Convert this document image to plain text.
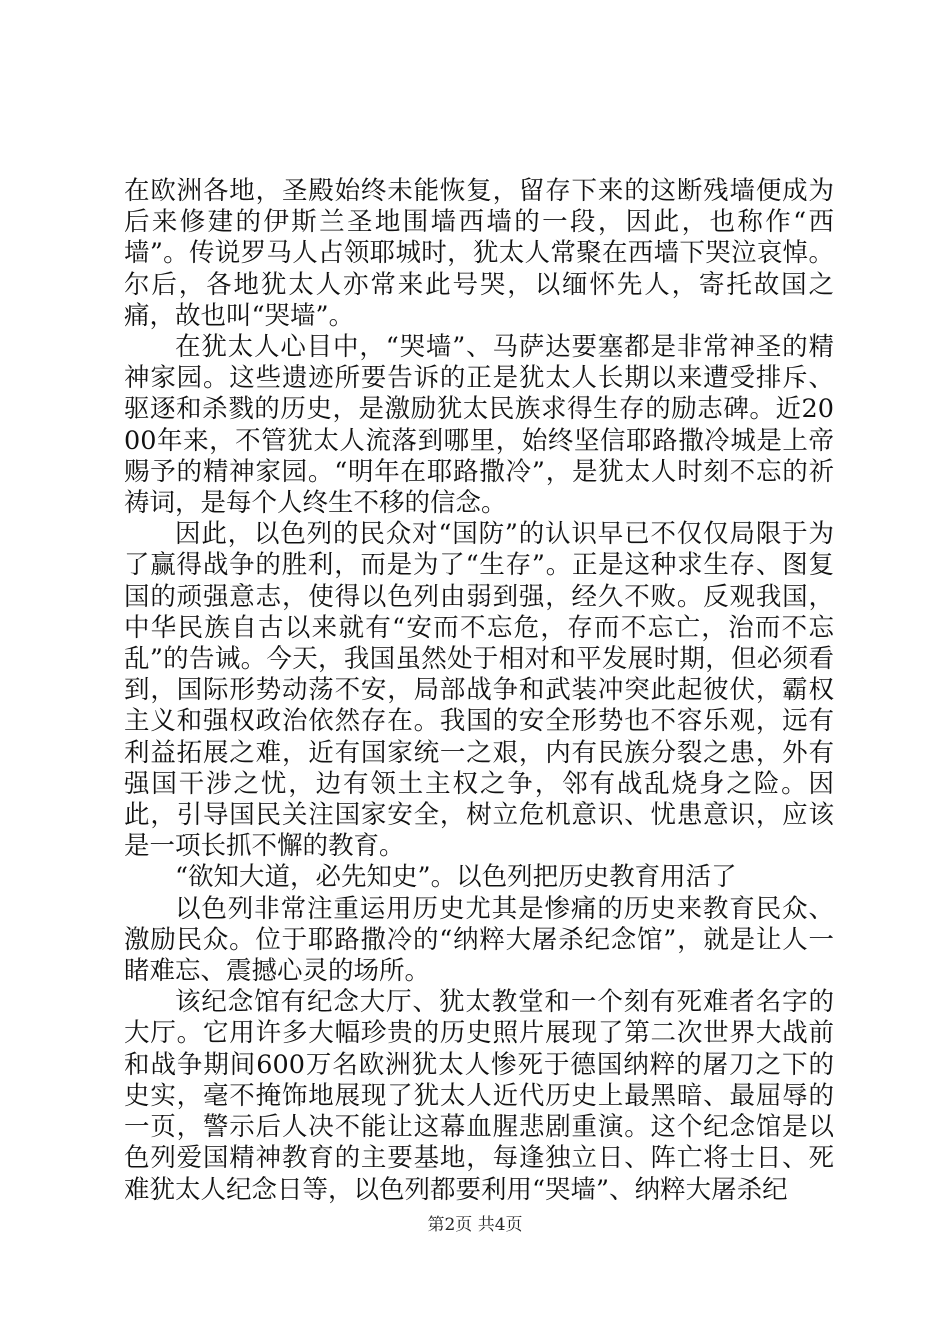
在欧洲各地，圣殿始终未能恢复，留存下来的这断残墙便成为后来修建的伊斯兰圣地围墙西墙的一段，因此，也称作“西墙”。传说罗马人占领耶城时，犹太人常聚在西墙下哭泣哀悼。尔后，各地犹太人亦常来此号哭，以缅怀先人，寄托故国之痛，故也叫“哭墙”。

在犹太人心目中，“哭墙”、马萨达要塞都是非常神圣的精神家园。这些遗迹所要告诉的正是犹太人长期以来遭受排斥、驱逐和杀戮的历史，是激励犹太民族求得生存的励志碑。近2000年来，不管犹太人流落到哪里，始终坚信耶路撒冷城是上帝赐予的精神家园。“明年在耶路撒冷”，是犹太人时刻不忘的祈祷词，是每个人终生不移的信念。

因此，以色列的民众对“国防”的认识早已不仅仅局限于为了赢得战争的胜利，而是为了“生存”。正是这种求生存、图复国的顽强意志，使得以色列由弱到强，经久不败。反观我国，中华民族自古以来就有“安而不忘危，存而不忘亡，治而不忘乱”的告诫。今天，我国虽然处于相对和平发展时期，但必须看到，国际形势动荡不安，局部战争和武装冲突此起彼伏，霸权主义和强权政治依然存在。我国的安全形势也不容乐观，远有利益拓展之难，近有国家统一之艰，内有民族分裂之患，外有强国干涉之忧，边有领土主权之争，邻有战乱烧身之险。因此，引导国民关注国家安全，树立危机意识、忧患意识，应该是一项长抓不懈的教育。

“欲知大道，必先知史”。以色列把历史教育用活了

以色列非常注重运用历史尤其是惨痛的历史来教育民众、激励民众。位于耶路撒冷的“纳粹大屠杀纪念馆”，就是让人一睹难忘、震撼心灵的场所。

该纪念馆有纪念大厅、犹太教堂和一个刻有死难者名字的大厅。它用许多大幅珍贵的历史照片展现了第二次世界大战前和战争期间600万名欧洲犹太人惨死于德国纳粹的屠刀之下的史实，毫不掩饰地展现了犹太人近代历史上最黑暗、最屈辱的一页，警示后人决不能让这幕血腥悲剧重演。这个纪念馆是以色列爱国精神教育的主要基地，每逢独立日、阵亡将士日、死难犹太人纪念日等，以色列都要利用“哭墙”、纳粹大屠杀纪

第2页 共4页
